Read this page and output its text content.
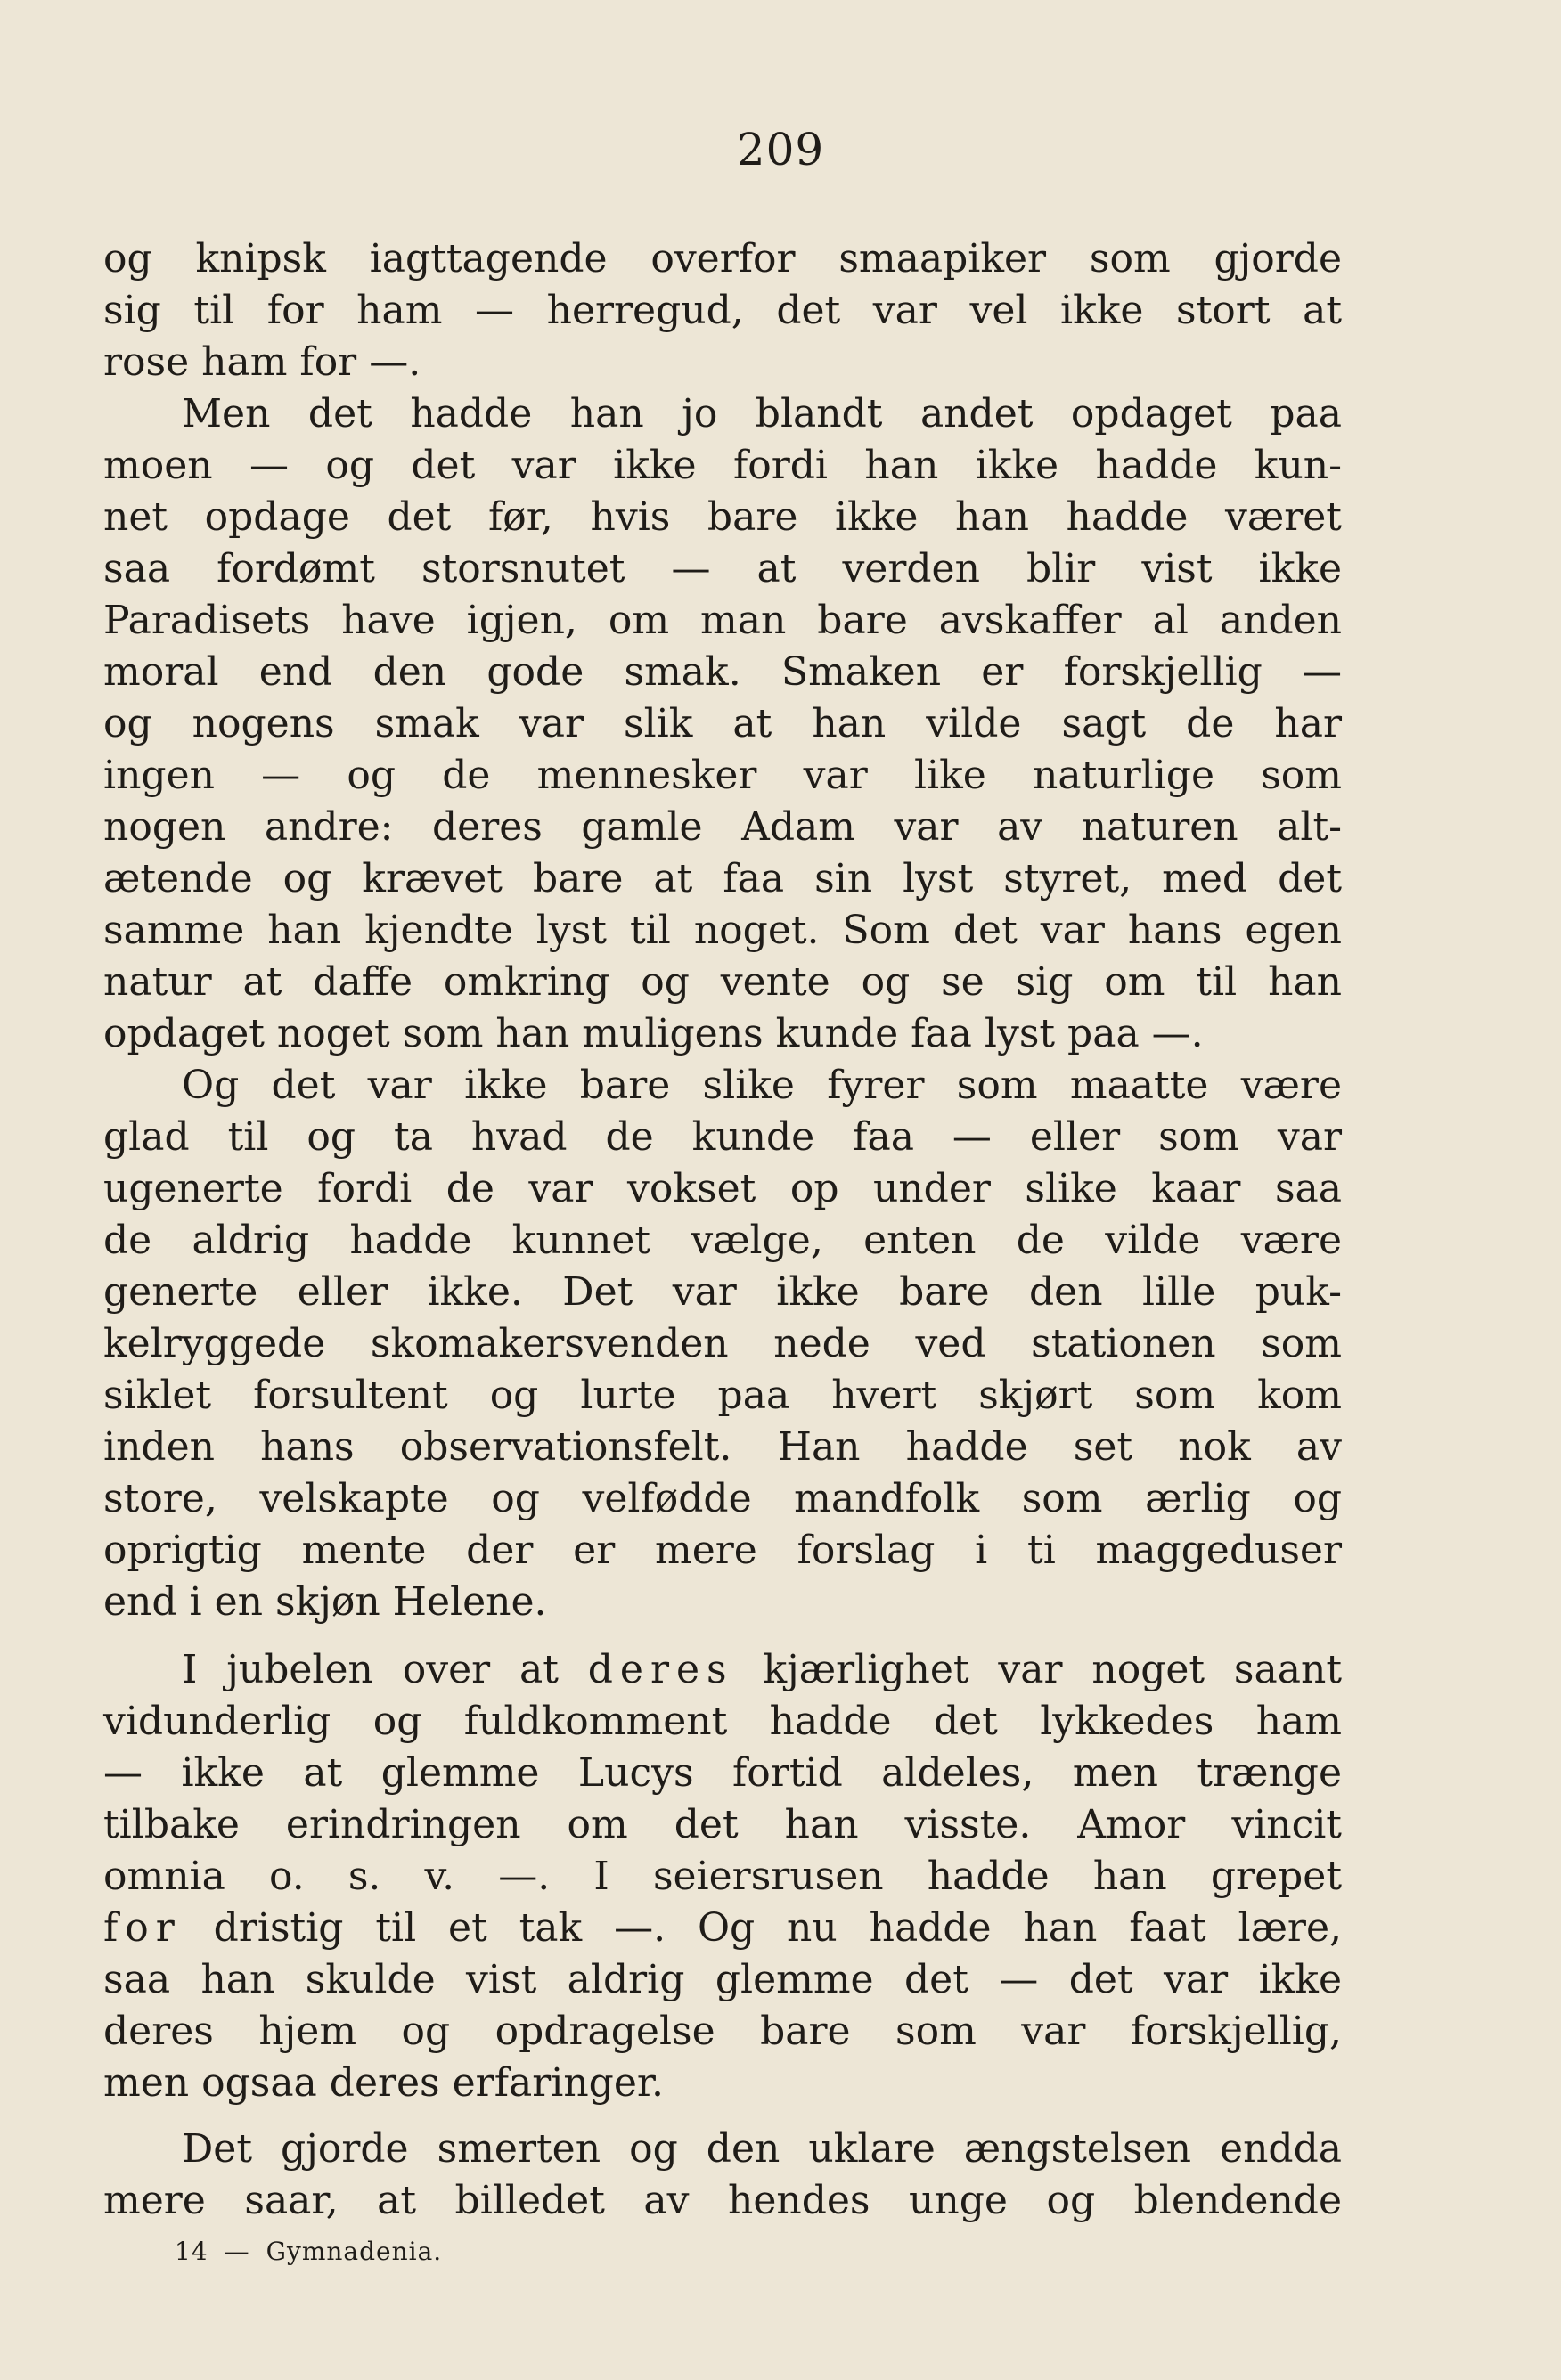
209
og knipsk iagttagende overfor smaapiker som gjorde
sig til for ham — herregud, det var vel ikke stort at
rose ham for —.
Men det hadde han jo blandt andet opdaget paa
moen — og det var ikke fordi han ikke hadde kun-
net opdage det før, hvis bare ikke han hadde været
saa fordømt storsnutet — at verden blir vist ikke
Paradisets have igjen, om man bare avskaffer al anden
moral end den gode smak. Smaken er forskjellig —
og nogens smak var slik at han vilde sagt de har
ingen — og de mennesker var like naturlige som
nogen andre: deres gamle Adam var av naturen alt-
ætende og krævet bare at faa sin lyst styret, med det
samme han kjendte lyst til noget. Som det var hans egen
natur at daffe omkring og vente og se sig om til han
opdaget noget som han muligens kunde faa lyst paa —.
Og det var ikke bare slike fyrer som maatte være
glad til og ta hvad de kunde faa — eller som var
ugenerte fordi de var vokset op under slike kaar saa
de aldrig hadde kunnet vælge, enten de vilde være
generte eller ikke. Det var ikke bare den lille puk-
kelryggede skomakersvenden nede ved stationen som
siklet forsultent og lurte paa hvert skjørt som kom
inden hans observationsfelt. Han hadde set nok av
store, velskapte og velfødde mandfolk som ærlig og
oprigtig mente der er mere forslag i ti maggeduser
end i en skjøn Helene.
I jubelen over at deres kjærlighet var noget saant
vidunderlig og fuldkomment hadde det lykkedes ham
— ikke at glemme Lucys fortid aldeles, men trænge
tilbake erindringen om det han visste. Amor vincit
omnia o. s. v. —. I seiersrusen hadde han grepet
for dristig til et tak —. Og nu hadde han faat lære,
saa han skulde vist aldrig glemme det — det var ikke
deres hjem og opdragelse bare som var forskjellig,
men ogsaa deres erfaringer.
Det gjorde smerten og den uklare ængstelsen endda
mere saar, at billedet av hendes unge og blendende
14 — Gymnadenia.
